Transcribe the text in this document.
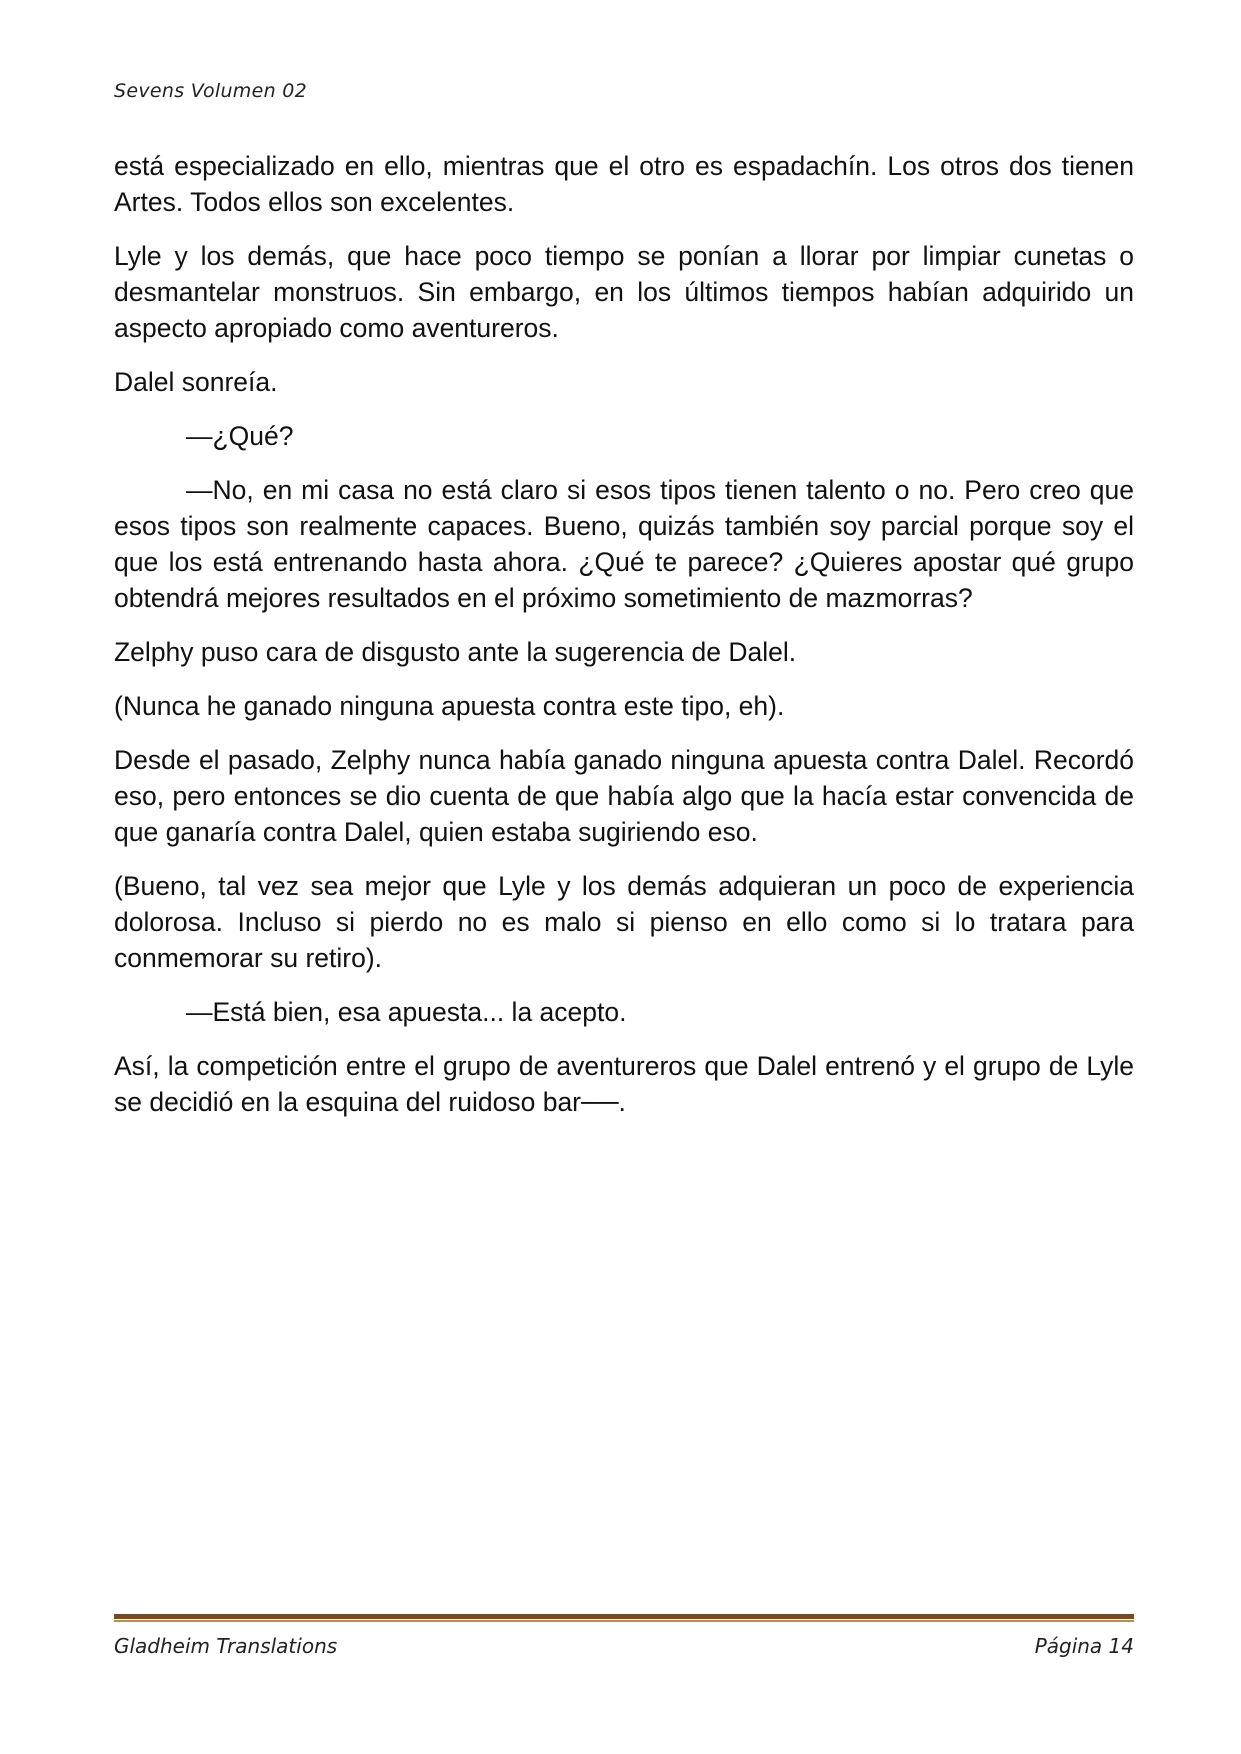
Sevens Volumen 02

está especializado en ello, mientras que el otro es espadachín. Los otros dos tienen Artes. Todos ellos son excelentes.

Lyle y los demás, que hace poco tiempo se ponían a llorar por limpiar cunetas o desmantelar monstruos. Sin embargo, en los últimos tiempos habían adquirido un aspecto apropiado como aventureros.

Dalel sonreía.

—¿Qué?

—No, en mi casa no está claro si esos tipos tienen talento o no. Pero creo que esos tipos son realmente capaces. Bueno, quizás también soy parcial porque soy el que los está entrenando hasta ahora. ¿Qué te parece? ¿Quieres apostar qué grupo obtendrá mejores resultados en el próximo sometimiento de mazmorras?

Zelphy puso cara de disgusto ante la sugerencia de Dalel.

(Nunca he ganado ninguna apuesta contra este tipo, eh).

Desde el pasado, Zelphy nunca había ganado ninguna apuesta contra Dalel. Recordó eso, pero entonces se dio cuenta de que había algo que la hacía estar convencida de que ganaría contra Dalel, quien estaba sugiriendo eso.

(Bueno, tal vez sea mejor que Lyle y los demás adquieran un poco de experiencia dolorosa. Incluso si pierdo no es malo si pienso en ello como si lo tratara para conmemorar su retiro).

—Está bien, esa apuesta... la acepto.

Así, la competición entre el grupo de aventureros que Dalel entrenó y el grupo de Lyle se decidió en la esquina del ruidoso bar──.

Gladheim Translations	Página 14
